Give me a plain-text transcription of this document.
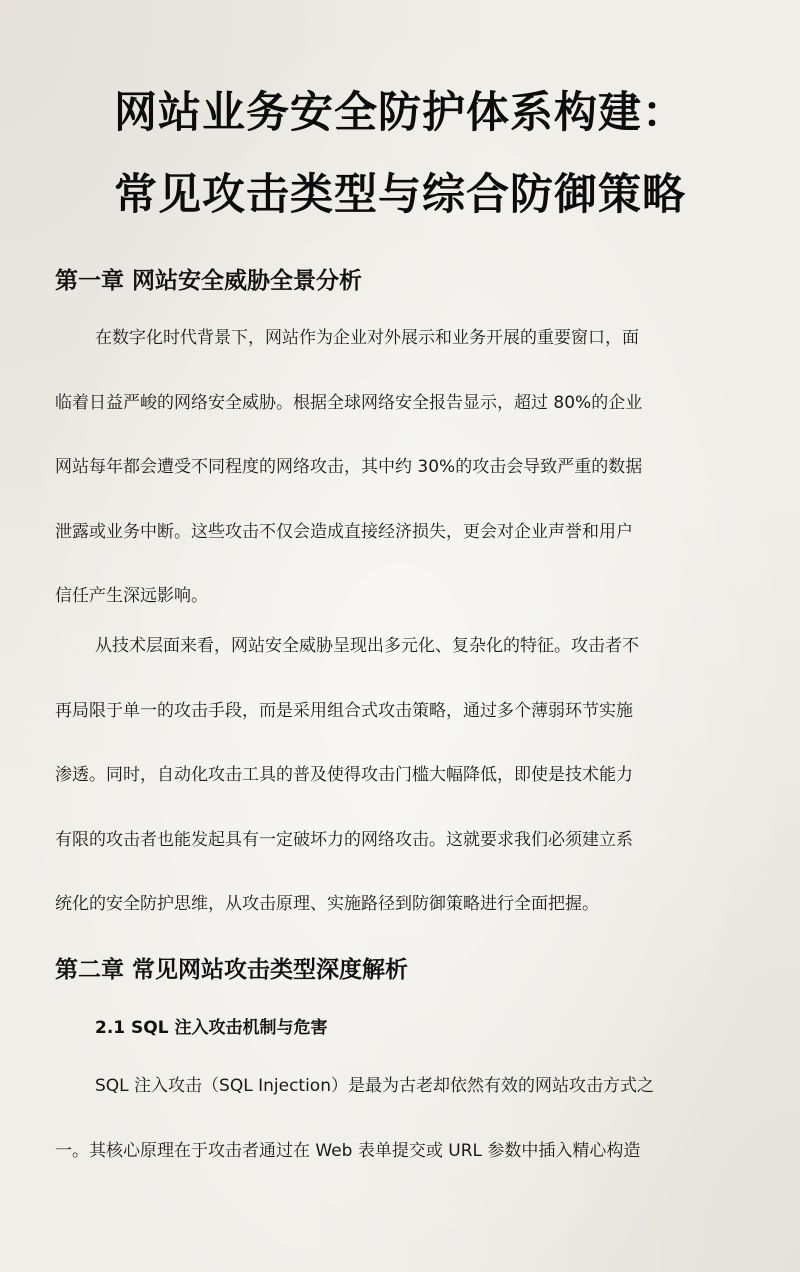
网站业务安全防护体系构建：
常见攻击类型与综合防御策略
第一章 网站安全威胁全景分析
在数字化时代背景下，网站作为企业对外展示和业务开展的重要窗口，面
临着日益严峻的网络安全威胁。根据全球网络安全报告显示，超过 80%的企业
网站每年都会遭受不同程度的网络攻击，其中约 30%的攻击会导致严重的数据
泄露或业务中断。这些攻击不仅会造成直接经济损失，更会对企业声誉和用户
信任产生深远影响。
从技术层面来看，网站安全威胁呈现出多元化、复杂化的特征。攻击者不
再局限于单一的攻击手段，而是采用组合式攻击策略，通过多个薄弱环节实施
渗透。同时，自动化攻击工具的普及使得攻击门槛大幅降低，即使是技术能力
有限的攻击者也能发起具有一定破坏力的网络攻击。这就要求我们必须建立系
统化的安全防护思维，从攻击原理、实施路径到防御策略进行全面把握。
第二章 常见网站攻击类型深度解析
2.1 SQL 注入攻击机制与危害
SQL 注入攻击（SQL Injection）是最为古老却依然有效的网站攻击方式之
一。其核心原理在于攻击者通过在 Web 表单提交或 URL 参数中插入精心构造
